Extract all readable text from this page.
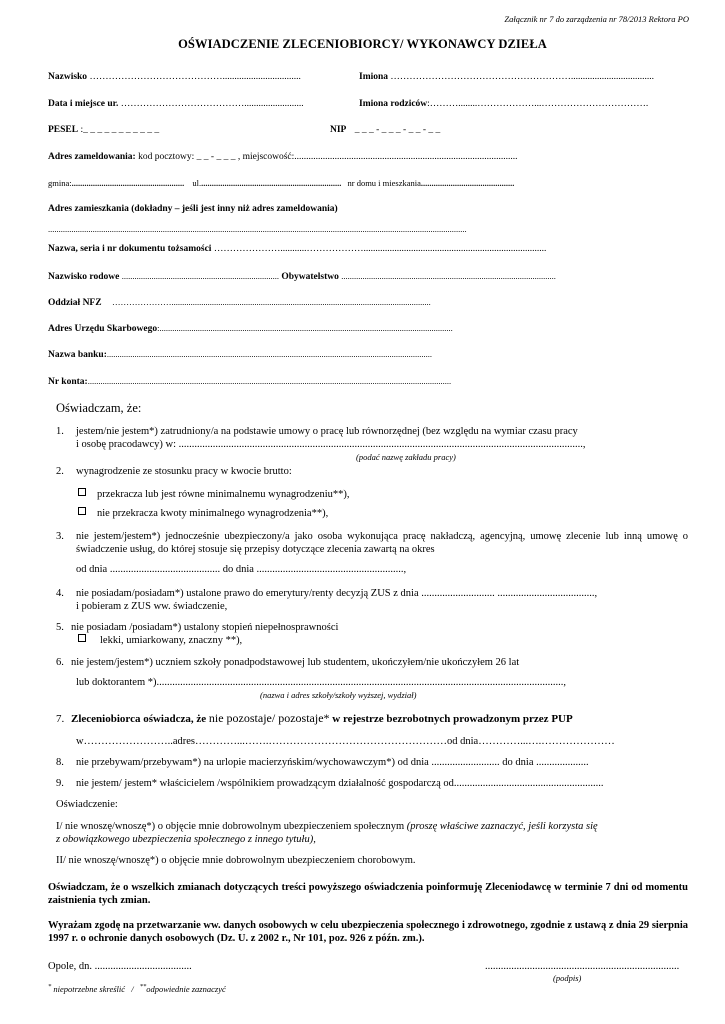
Załącznik nr 7 do zarządzenia nr 78/2013 Rektora PO
OŚWIADCZENIE ZLECENIOBIORCY/ WYKONAWCY DZIEŁA
Nazwisko …………………………………….................................	Imiona …………………………………………………...................................
Data i miejsce ur. ………………………………….........................	Imiona rodziców:………........………………...…………………………….
PESEL :_ _ _ _ _ _ _ _ _ _ _	NIP _ _ _ - _ _ _ - _ _ - _ _
Adres zameldowania: kod pocztowy: _ _ - _ _ _ , miejscowość:..............................................................................................
gmina:..................................................... ul................................................................... nr domu i mieszkania............................................
Adres zamieszkania (dokładny – jeśli jest inny niż adres zameldowania)
.....................................................................................................................................................................................................
Nazwa, seria i nr dokumentu tożsamości …………………...........……………….............................................................................
Nazwisko rodowe .......................................................................... Obywatelstwo .....................................................................................................
Oddział NFZ …………………..........................................................................................................................
Adres Urzędu Skarbowego:..........................................................................................................................................
Nazwa banku:.........................................................................................................................................................
Nr konta:...........................................................................................................................................................................
Oświadczam, że:
1. jestem/nie jestem*) zatrudniony/a na podstawie umowy o pracę lub równorzędnej (bez względu na wymiar czasu pracy
i osobę pracodawcy) w: ..........................................................................................................................................................,
(podać nazwę zakładu pracy)
2. wynagrodzenie ze stosunku pracy w kwocie brutto:
przekracza lub jest równe minimalnemu wynagrodzeniu**),
nie przekracza kwoty minimalnego wynagrodzenia**),
3. nie jestem/jestem*) jednocześnie ubezpieczony/a jako osoba wykonująca pracę nakładczą, agencyjną, umowę zlecenie lub inną umowę o świadczenie usług, do której stosuje się przepisy dotyczące zlecenia zawartą na okres
od dnia .......................................... do dnia ........................................................,
4. nie posiadam/posiadam*) ustalone prawo do emerytury/renty decyzją ZUS z dnia ............................ .....................................,
i pobieram z ZUS ww. świadczenie,
5. nie posiadam /posiadam*) ustalony stopień niepełnosprawności
lekki, umiarkowany, znaczny **),
6. nie jestem/jestem*) uczniem szkoły ponadpodstawowej lub studentem, ukończyłem/nie ukończyłem 26 lat
lub doktorantem *)...........................................................................................................................................................,
(nazwa i adres szkoły/szkoły wyższej, wydział)
7. Zleceniobiorca oświadcza, że nie pozostaje/ pozostaje* w rejestrze bezrobotnych prowadzonym przez PUP
w……………………..adres…………...…….……………………………………………od dnia…………...….…………………
8. nie przebywam/przebywam*) na urlopie macierzyńskim/wychowawczym*) od dnia .......................... do dnia ....................
9. nie jestem/ jestem* właścicielem /wspólnikiem prowadzącym działalność gospodarczą od.........................................................
Oświadczenie:
I/ nie wnoszę/wnoszę*) o objęcie mnie dobrowolnym ubezpieczeniem społecznym (proszę właściwe zaznaczyć, jeśli korzysta się
z obowiązkowego ubezpieczenia społecznego z innego tytułu),
II/ nie wnoszę/wnoszę*) o objęcie mnie dobrowolnym ubezpieczeniem chorobowym.
Oświadczam, że o wszelkich zmianach dotyczących treści powyższego oświadczenia poinformuję Zleceniodawcę w terminie 7 dni od momentu zaistnienia tych zmian.
Wyrażam zgodę na przetwarzanie ww. danych osobowych w celu ubezpieczenia społecznego i zdrowotnego, zgodnie z ustawą z dnia 29 sierpnia 1997 r. o ochronie danych osobowych (Dz. U. z 2002 r., Nr 101, poz. 926 z późn. zm.).
Opole, dn. .....................................	..........................................................................
(podpis)
* niepotrzebne skreślić / **odpowiednie zaznaczyć
